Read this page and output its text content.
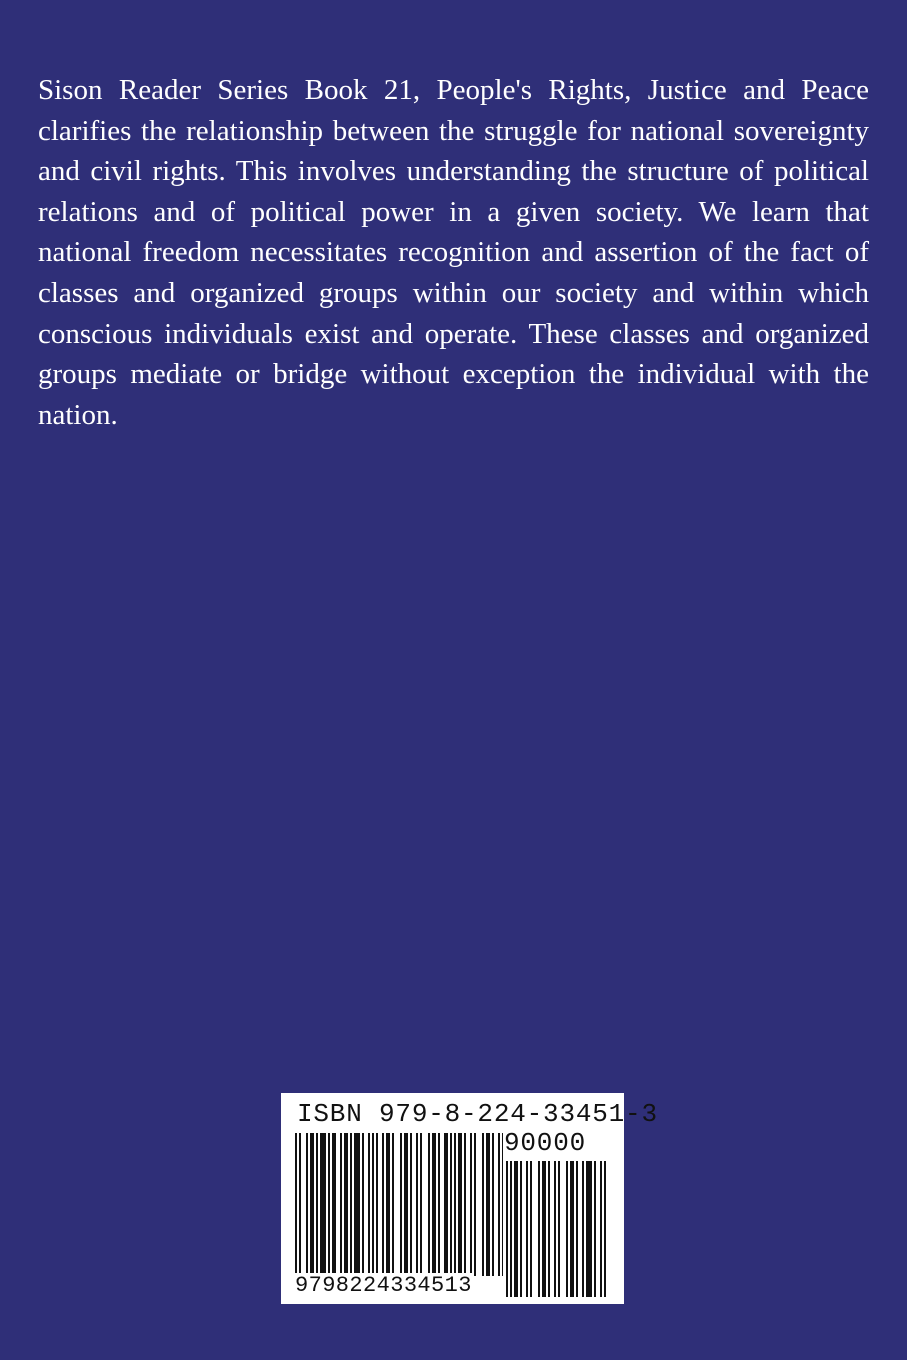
Sison Reader Series Book 21, People's Rights, Justice and Peace clarifies the relationship between the struggle for national sovereignty and civil rights. This involves understanding the structure of political relations and of political power in a given society. We learn that national freedom necessitates recognition and assertion of the fact of classes and organized groups within our society and within which conscious individuals exist and operate. These classes and organized groups mediate or bridge without exception the individual with the nation.

ISBN 979-8-224-33451-3
90000
9798224334513
